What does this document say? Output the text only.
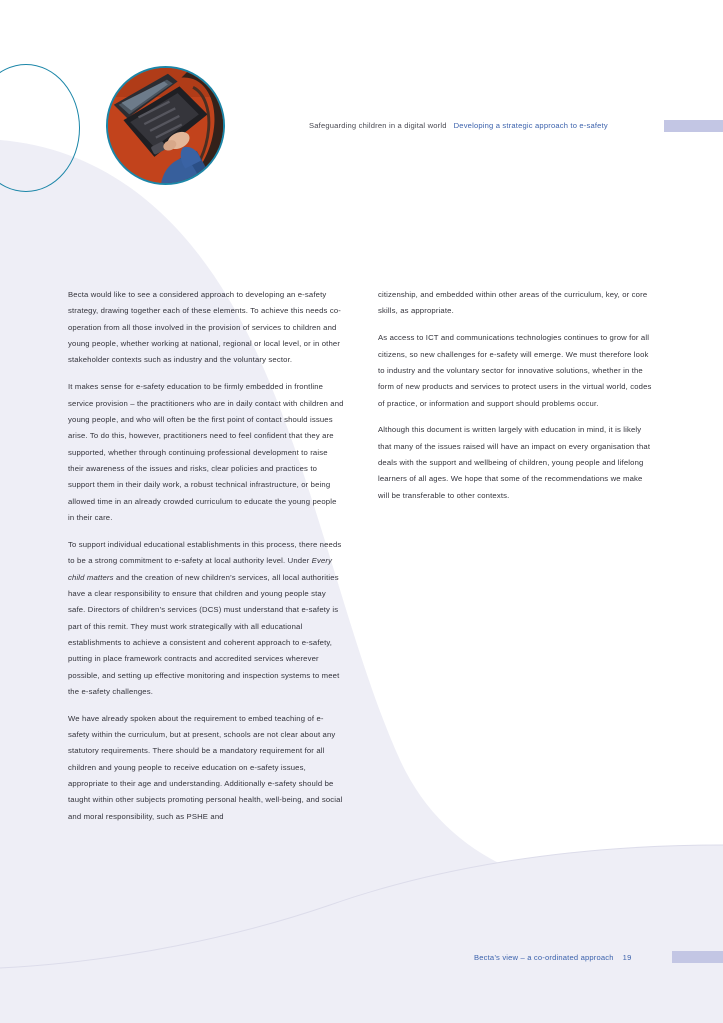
Safeguarding children in a digital world Developing a strategic approach to e-safety

Becta would like to see a considered approach to developing an e-safety strategy, drawing together each of these elements. To achieve this needs co-operation from all those involved in the provision of services to children and young people, whether working at national, regional or local level, or in other stakeholder contexts such as industry and the voluntary sector.

It makes sense for e-safety education to be firmly embedded in frontline service provision – the practitioners who are in daily contact with children and young people, and who will often be the first point of contact should issues arise. To do this, however, practitioners need to feel confident that they are supported, whether through continuing professional development to raise their awareness of the issues and risks, clear policies and practices to support them in their daily work, a robust technical infrastructure, or being allowed time in an already crowded curriculum to educate the young people in their care.

To support individual educational establishments in this process, there needs to be a strong commitment to e-safety at local authority level. Under Every child matters and the creation of new children’s services, all local authorities have a clear responsibility to ensure that children and young people stay safe. Directors of children’s services (DCS) must understand that e-safety is part of this remit. They must work strategically with all educational establishments to achieve a consistent and coherent approach to e-safety, putting in place framework contracts and accredited services wherever possible, and setting up effective monitoring and inspection systems to meet the e-safety challenges.

We have already spoken about the requirement to embed teaching of e-safety within the curriculum, but at present, schools are not clear about any statutory requirements. There should be a mandatory requirement for all children and young people to receive education on e-safety issues, appropriate to their age and understanding. Additionally e-safety should be taught within other subjects promoting personal health, well-being, and social and moral responsibility, such as PSHE and

citizenship, and embedded within other areas of the curriculum, key, or core skills, as appropriate.

As access to ICT and communications technologies continues to grow for all citizens, so new challenges for e-safety will emerge. We must therefore look to industry and the voluntary sector for innovative solutions, whether in the form of new products and services to protect users in the virtual world, codes of practice, or information and support should problems occur.

Although this document is written largely with education in mind, it is likely that many of the issues raised will have an impact on every organisation that deals with the support and wellbeing of children, young people and lifelong learners of all ages. We hope that some of the recommendations we make will be transferable to other contexts.

Becta’s view – a co-ordinated approach 19
